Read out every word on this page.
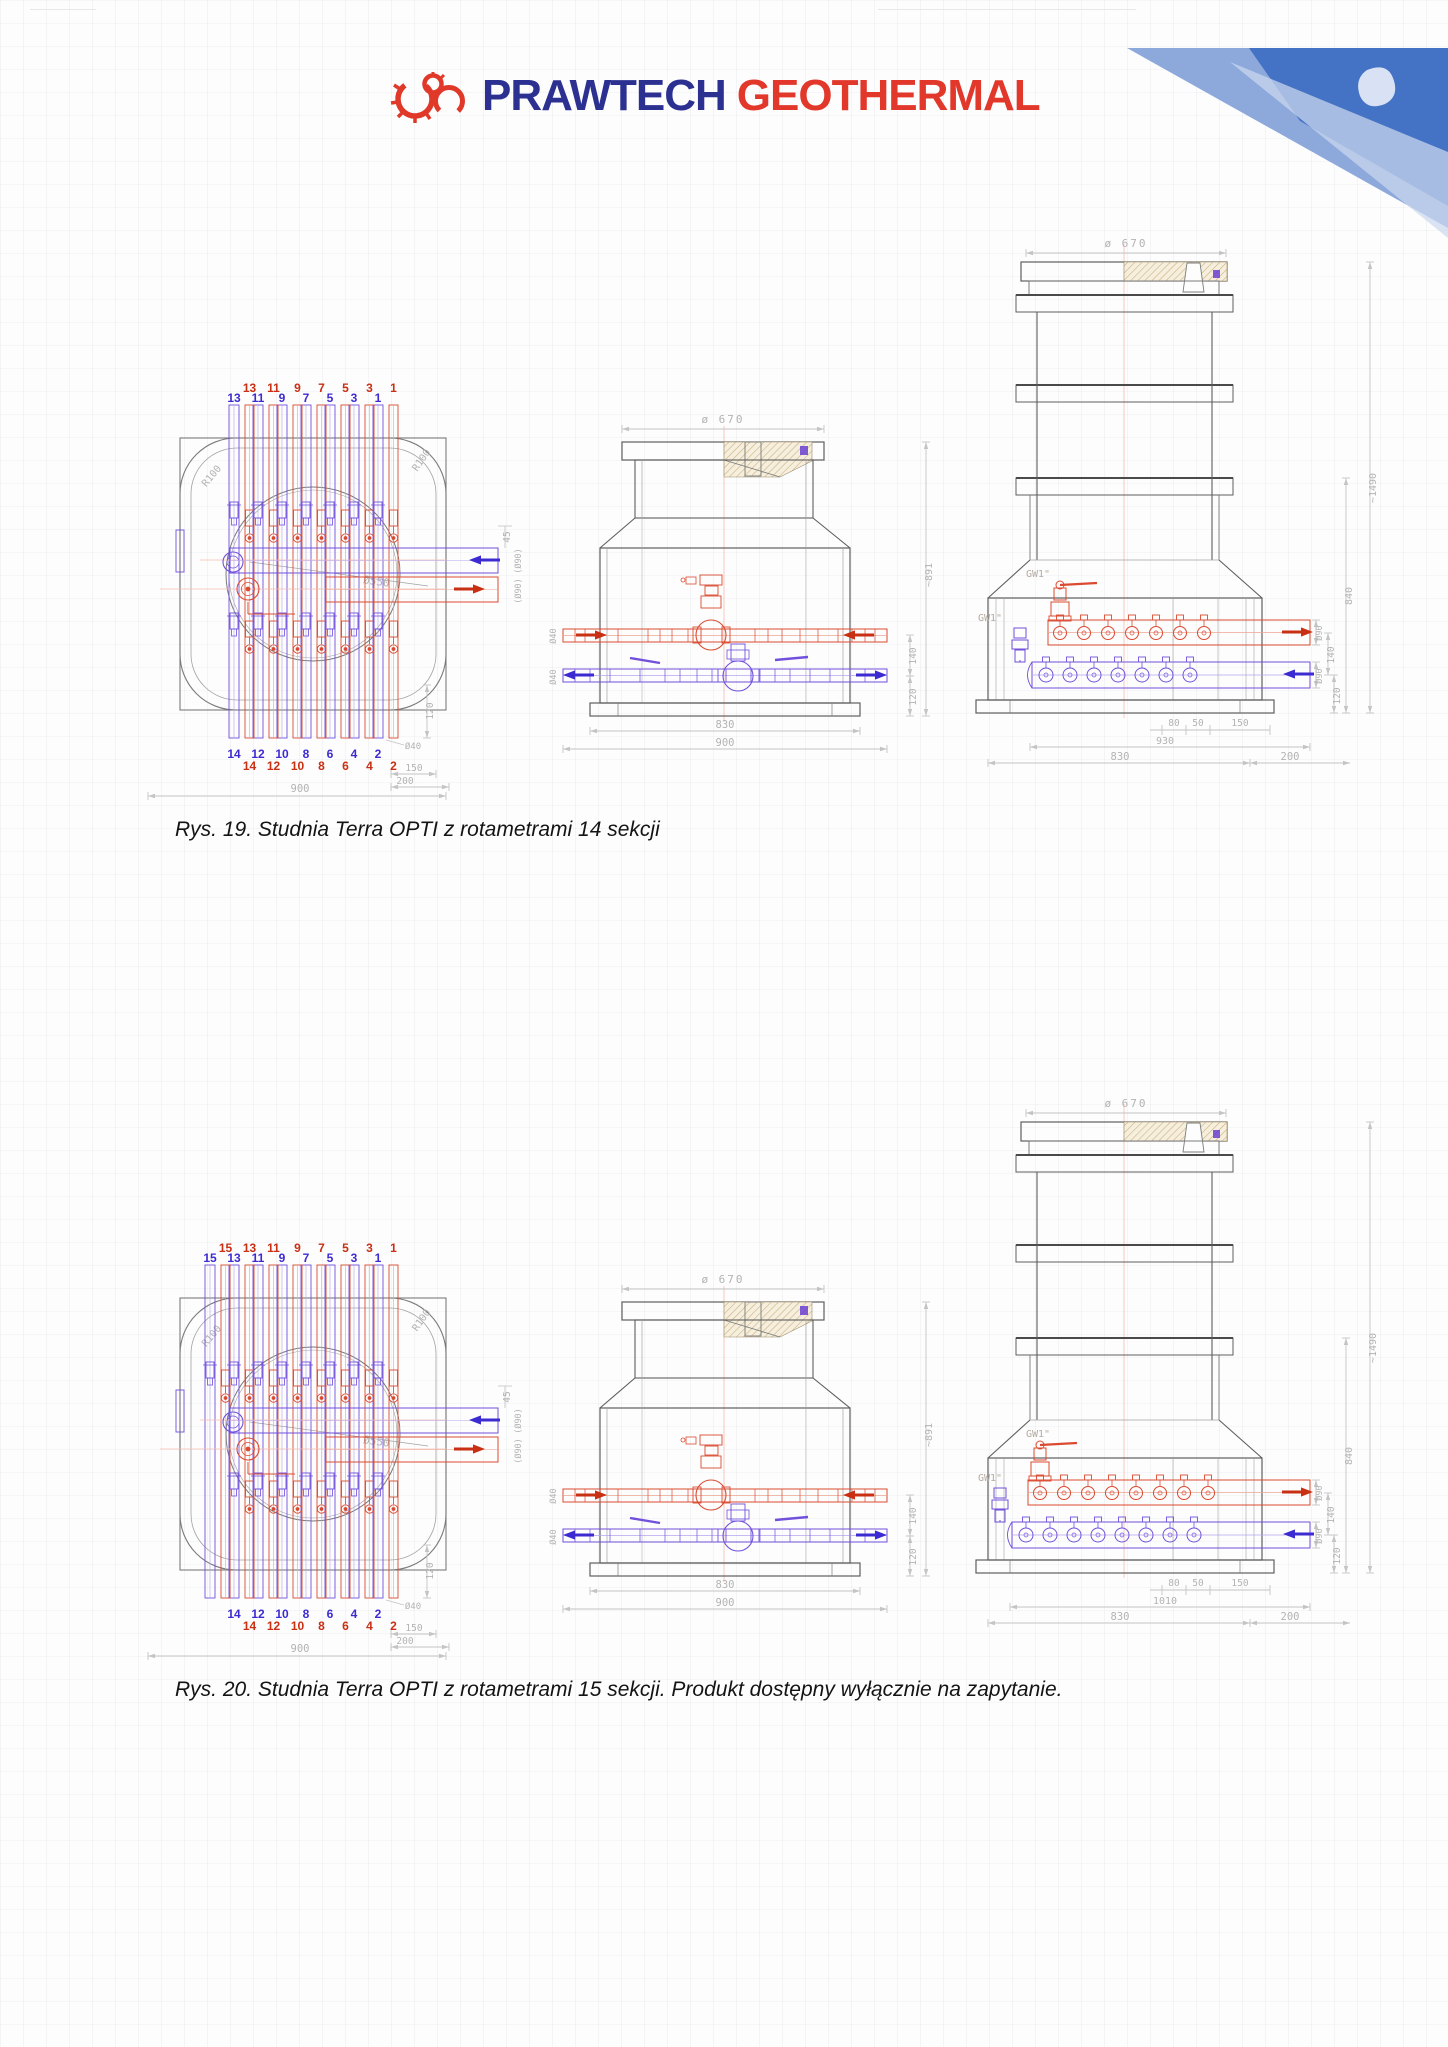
PRAWTECH GEOTHERMAL
R100
R100
Ø550
13 11 9 7 5 3 1
13 11 9 7 5 3 1
14 12 10 8 6 4 2
14 12 10 8 6 4 2
45
(Ø90)
(Ø90)
Ø40
150
200
900
120
ø 670
Ø40
Ø40
~891
140
120
830
900
ø 670
GW1"
GW1"
Ø90
140
Ø90
120
840
~1490
80 50	150
930
830	200
R100
R100
Ø550
15 13 11 9 7 5 3 1
15 13 11 9 7 5 3 1
14 12 10 8 6 4 2
14 12 10 8 6 4 2
45
(Ø90)
(Ø90)
Ø40
150
200
900
120
ø 670
Ø40
Ø40
~891
140
120
830
900
ø 670
GW1"
GW1"
Ø90
140
Ø90
120
840
~1490
80 50	150
1010
830	200
Rys. 19. Studnia Terra OPTI z rotametrami 14 sekcji
Rys. 20. Studnia Terra OPTI z rotametrami 15 sekcji. Produkt dostępny wyłącznie na zapytanie.
